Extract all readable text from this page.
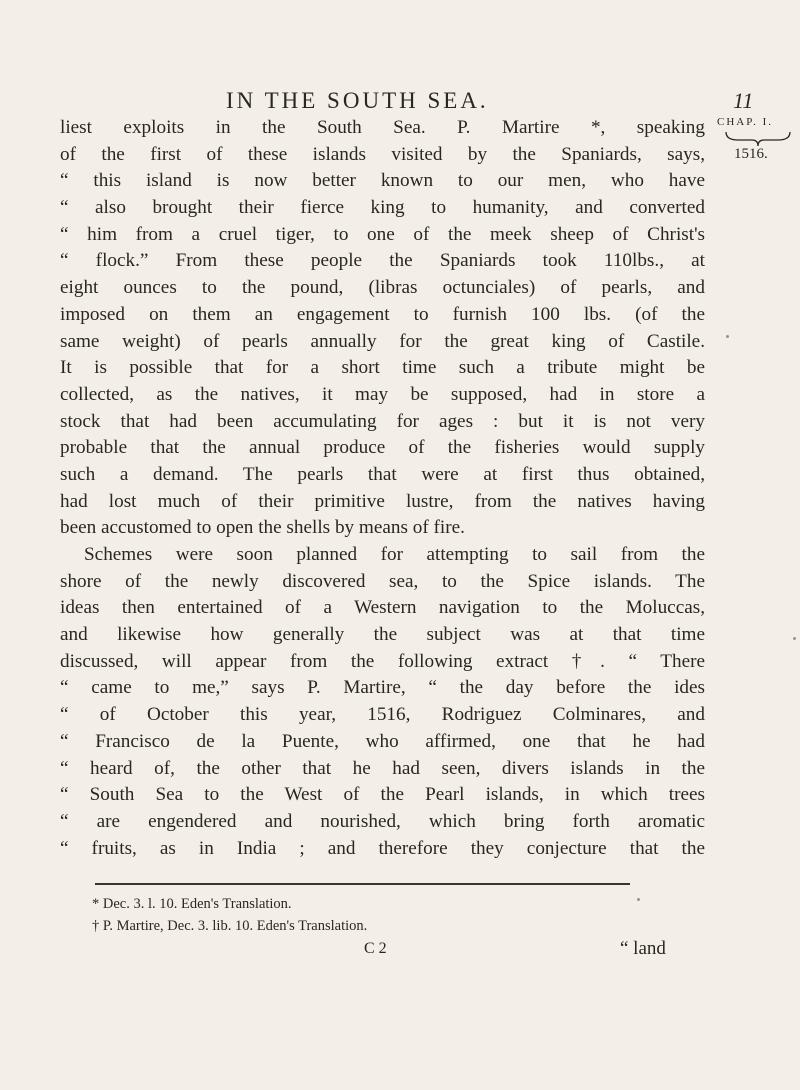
IN THE SOUTH SEA.	11
CHAP. I.
1516.
liest exploits in the South Sea. P. Martire *, speaking
of the first of these islands visited by the Spaniards, says,
“ this island is now better known to our men, who have
“ also brought their fierce king to humanity, and converted
“ him from a cruel tiger, to one of the meek sheep of Christ's
“ flock.” From these people the Spaniards took 110lbs., at
eight ounces to the pound, (libras octunciales) of pearls, and
imposed on them an engagement to furnish 100 lbs. (of the
same weight) of pearls annually for the great king of Castile.
It is possible that for a short time such a tribute might be
collected, as the natives, it may be supposed, had in store a
stock that had been accumulating for ages : but it is not very
probable that the annual produce of the fisheries would supply
such a demand. The pearls that were at first thus obtained,
had lost much of their primitive lustre, from the natives having
been accustomed to open the shells by means of fire.
Schemes were soon planned for attempting to sail from the
shore of the newly discovered sea, to the Spice islands. The
ideas then entertained of a Western navigation to the Moluccas,
and likewise how generally the subject was at that time
discussed, will appear from the following extract †. “ There
“ came to me,” says P. Martire, “ the day before the ides
“ of October this year, 1516, Rodriguez Colminares, and
“ Francisco de la Puente, who affirmed, one that he had
“ heard of, the other that he had seen, divers islands in the
“ South Sea to the West of the Pearl islands, in which trees
“ are engendered and nourished, which bring forth aromatic
“ fruits, as in India ; and therefore they conjecture that the
* Dec. 3. l. 10. Eden's Translation.
† P. Martire, Dec. 3. lib. 10. Eden's Translation.
C 2	“ land
